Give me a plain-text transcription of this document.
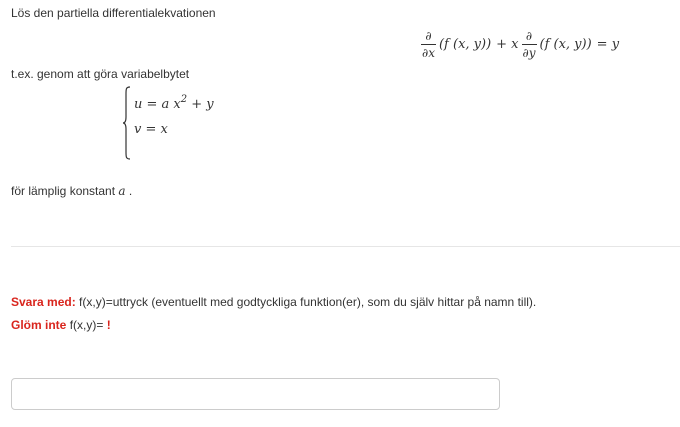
Lös den partiella differentialekvationen
$\frac{\partial}{\partial x} (f$ (x, y)) + x $\frac{\partial}{\partial y} (f$ (x, y)) = y
t.ex. genom att göra variabelbytet
u = a $x^2 + y$
v = x
för lämplig konstant a .
Svara med: f(x,y)=uttryck (eventuellt med godtyckliga funktion(er), som du själv hittar på namn till).
Glöm inte f(x,y)= !
